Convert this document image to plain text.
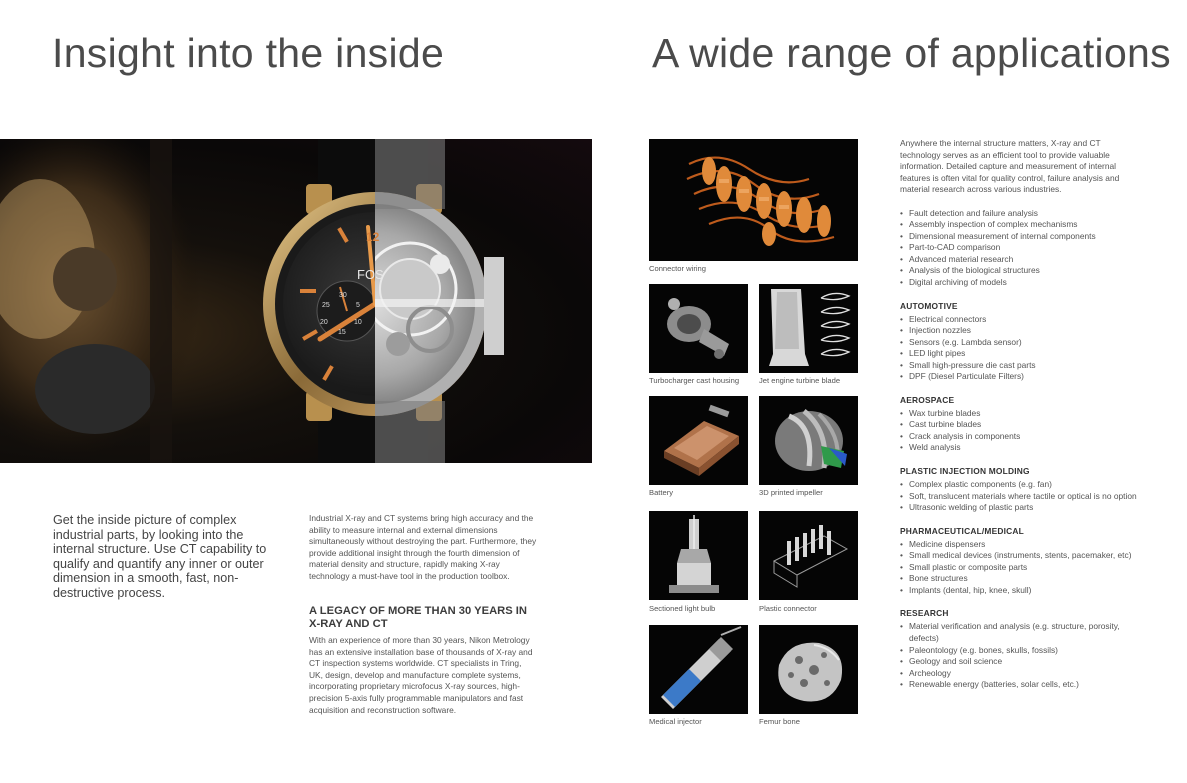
Insight into the inside	A wide range of applications
FOS
12
30
25
20
15
10
5
Get the inside picture of complex industrial parts, by looking into the internal structure. Use CT capability to qualify and quantify any inner or outer dimension in a smooth, fast, non-destructive process.
Industrial X-ray and CT systems bring high accuracy and the ability to measure internal and external dimensions simultaneously without destroying the part. Furthermore, they provide additional insight through the fourth dimension of material density and structure, rapidly making X-ray technology a must-have tool in the production toolbox.
A LEGACY OF MORE THAN 30 YEARS IN X-RAY AND CT
With an experience of more than 30 years, Nikon Metrology has an extensive installation base of thousands of X-ray and CT inspection systems worldwide. CT specialists in Tring, UK, design, develop and manufacture complete systems, incorporating proprietary microfocus X-ray sources, high-precision 5-axis fully programmable manipulators and fast acquisition and reconstruction software.
Connector wiring
Turbocharger cast housing	Jet engine turbine blade
Battery	3D printed impeller
Sectioned light bulb	Plastic connector
Medical injector	Femur bone

Anywhere the internal structure matters, X-ray and CT technology serves as an efficient tool to provide valuable information. Detailed capture and measurement of internal features is often vital for quality control, failure analysis and material research across various industries.

• Fault detection and failure analysis
• Assembly inspection of complex mechanisms
• Dimensional measurement of internal components
• Part-to-CAD comparison
• Advanced material research
• Analysis of the biological structures
• Digital archiving of models
AUTOMOTIVE
• Electrical connectors
• Injection nozzles
• Sensors (e.g. Lambda sensor)
• LED light pipes
• Small high-pressure die cast parts
• DPF (Diesel Particulate Filters)
AEROSPACE
• Wax turbine blades
• Cast turbine blades
• Crack analysis in components
• Weld analysis
PLASTIC INJECTION MOLDING
• Complex plastic components (e.g. fan)
• Soft, translucent materials where tactile or optical is no option
• Ultrasonic welding of plastic parts
PHARMACEUTICAL/MEDICAL
• Medicine dispensers
• Small medical devices (instruments, stents, pacemaker, etc)
• Small plastic or composite parts
• Bone structures
• Implants (dental, hip, knee, skull)
RESEARCH
• Material verification and analysis (e.g. structure, porosity, defects)
• Paleontology (e.g. bones, skulls, fossils)
• Geology and soil science
• Archeology
• Renewable energy (batteries, solar cells, etc.)
